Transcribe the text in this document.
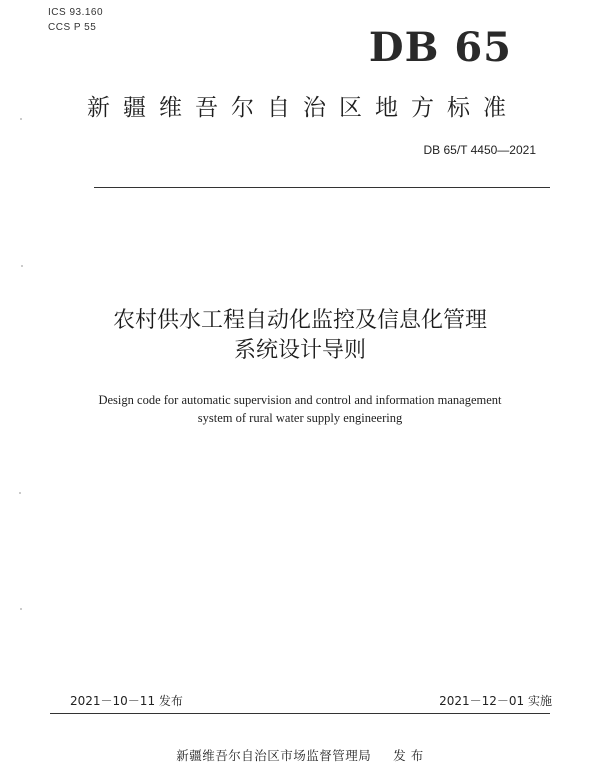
ICS 93.160
CCS P 55	DB 65
新疆维吾尔自治区地方标准
DB 65/T 4450—2021
农村供水工程自动化监控及信息化管理
系统设计导则
Design code for automatic supervision and control and information management
system of rural water supply engineering
2021－10－11 发布	2021－12－01 实施
新疆维吾尔自治区市场监督管理局 发 布
